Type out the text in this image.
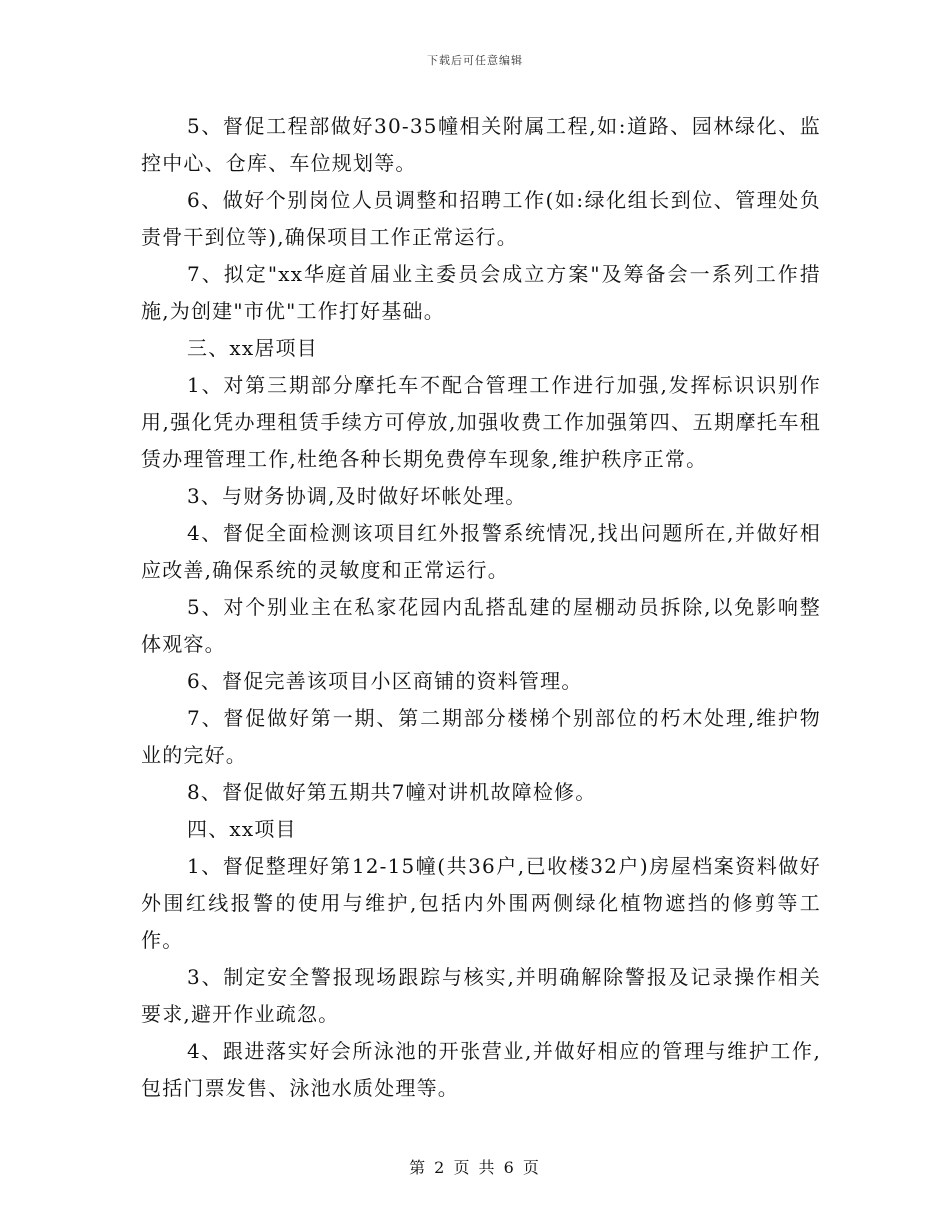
下载后可任意编辑

5、督促工程部做好30-35幢相关附属工程,如:道路、园林绿化、监控中心、仓库、车位规划等。

6、做好个别岗位人员调整和招聘工作(如:绿化组长到位、管理处负责骨干到位等),确保项目工作正常运行。

7、拟定"xx华庭首届业主委员会成立方案"及筹备会一系列工作措施,为创建"市优"工作打好基础。

三、xx居项目

1、对第三期部分摩托车不配合管理工作进行加强,发挥标识识别作用,强化凭办理租赁手续方可停放,加强收费工作加强第四、五期摩托车租赁办理管理工作,杜绝各种长期免费停车现象,维护秩序正常。

3、与财务协调,及时做好坏帐处理。

4、督促全面检测该项目红外报警系统情况,找出问题所在,并做好相应改善,确保系统的灵敏度和正常运行。

5、对个别业主在私家花园内乱搭乱建的屋棚动员拆除,以免影响整体观容。

6、督促完善该项目小区商铺的资料管理。

7、督促做好第一期、第二期部分楼梯个别部位的朽木处理,维护物业的完好。

8、督促做好第五期共7幢对讲机故障检修。

四、xx项目

1、督促整理好第12-15幢(共36户,已收楼32户)房屋档案资料做好外围红线报警的使用与维护,包括内外围两侧绿化植物遮挡的修剪等工作。

3、制定安全警报现场跟踪与核实,并明确解除警报及记录操作相关要求,避开作业疏忽。

4、跟进落实好会所泳池的开张营业,并做好相应的管理与维护工作,包括门票发售、泳池水质处理等。

第 2 页 共 6 页
